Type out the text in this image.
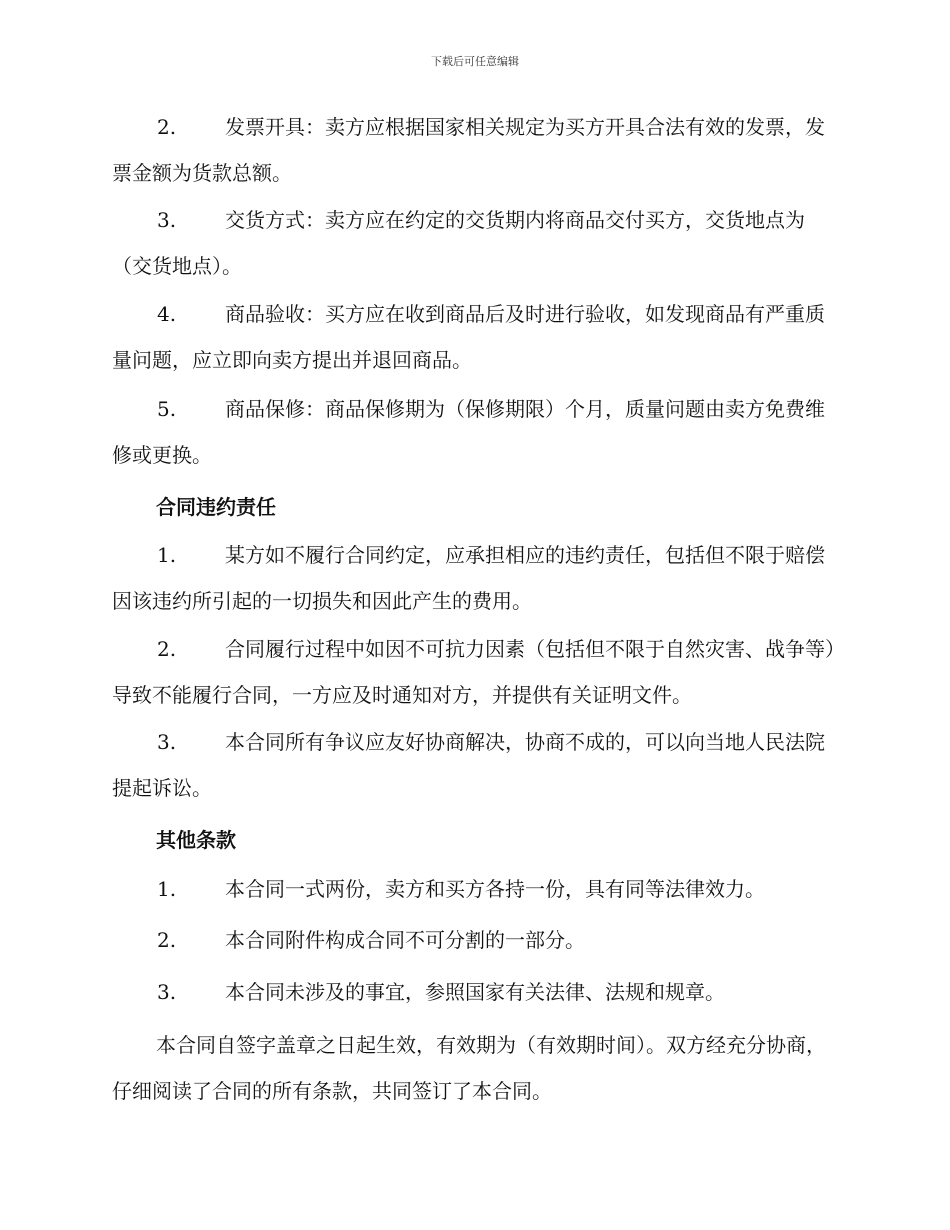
下载后可任意编辑
2. 发票开具：卖方应根据国家相关规定为买方开具合法有效的发票，发票金额为货款总额。
3. 交货方式：卖方应在约定的交货期内将商品交付买方，交货地点为（交货地点）。
4. 商品验收：买方应在收到商品后及时进行验收，如发现商品有严重质量问题，应立即向卖方提出并退回商品。
5. 商品保修：商品保修期为（保修期限）个月，质量问题由卖方免费维修或更换。
合同违约责任
1. 某方如不履行合同约定，应承担相应的违约责任，包括但不限于赔偿因该违约所引起的一切损失和因此产生的费用。
2. 合同履行过程中如因不可抗力因素（包括但不限于自然灾害、战争等）导致不能履行合同，一方应及时通知对方，并提供有关证明文件。
3. 本合同所有争议应友好协商解决，协商不成的，可以向当地人民法院提起诉讼。
其他条款
1. 本合同一式两份，卖方和买方各持一份，具有同等法律效力。
2. 本合同附件构成合同不可分割的一部分。
3. 本合同未涉及的事宜，参照国家有关法律、法规和规章。
本合同自签字盖章之日起生效，有效期为（有效期时间）。双方经充分协商，仔细阅读了合同的所有条款，共同签订了本合同。
